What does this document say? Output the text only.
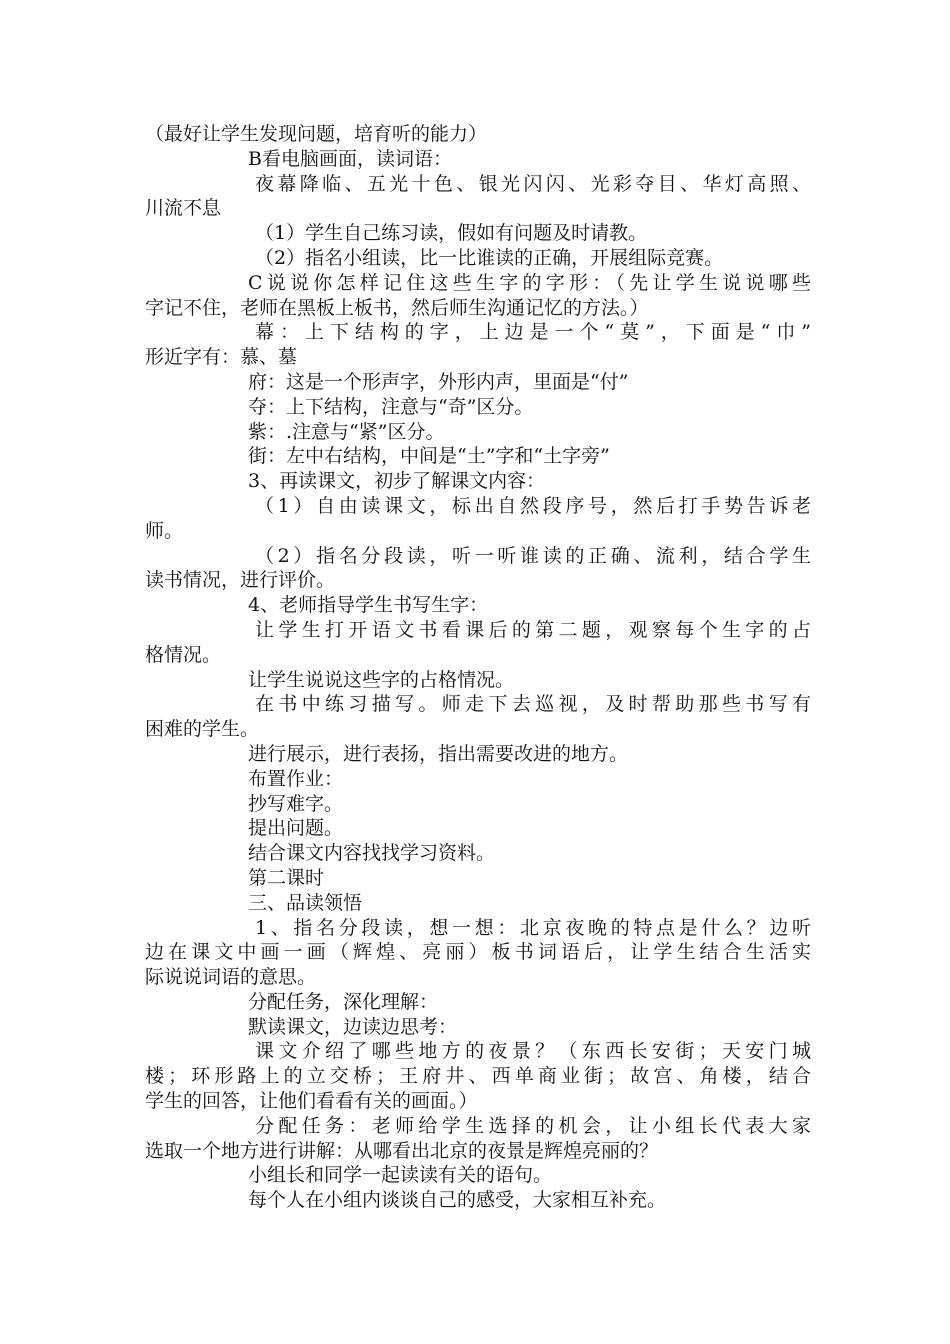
（最好让学生发现问题，培育听的能力）
B看电脑画面，读词语：
夜幕降临、五光十色、银光闪闪、光彩夺目、华灯高照、
川流不息
（1）学生自己练习读，假如有问题及时请教。
（2）指名小组读，比一比谁读的正确，开展组际竞赛。
C说说你怎样记住这些生字的字形：（先让学生说说哪些
字记不住，老师在黑板上板书，然后师生沟通记忆的方法。）
幕：上下结构的字，上边是一个“莫”，下面是“巾”
形近字有：慕、墓
府：这是一个形声字，外形内声，里面是“付”
夺：上下结构，注意与“奇”区分。
紫：.注意与“紧”区分。
街：左中右结构，中间是“土”字和“土字旁”
3、再读课文，初步了解课文内容：
（1）自由读课文，标出自然段序号，然后打手势告诉老
师。
（2）指名分段读，听一听谁读的正确、流利，结合学生
读书情况，进行评价。
4、老师指导学生书写生字：
让学生打开语文书看课后的第二题，观察每个生字的占
格情况。
让学生说说这些字的占格情况。
在书中练习描写。师走下去巡视，及时帮助那些书写有
困难的学生。
进行展示，进行表扬，指出需要改进的地方。
布置作业：
抄写难字。
提出问题。
结合课文内容找找学习资料。
第二课时
三、品读领悟
1、指名分段读，想一想：北京夜晚的特点是什么？边听
边在课文中画一画（辉煌、亮丽）板书词语后，让学生结合生活实
际说说词语的意思。
分配任务，深化理解：
默读课文，边读边思考：
课文介绍了哪些地方的夜景？（东西长安街；天安门城
楼；环形路上的立交桥；王府井、西单商业街；故宫、角楼，结合
学生的回答，让他们看看有关的画面。）
分配任务：老师给学生选择的机会，让小组长代表大家
选取一个地方进行讲解：从哪看出北京的夜景是辉煌亮丽的？
小组长和同学一起读读有关的语句。
每个人在小组内谈谈自己的感受，大家相互补充。
